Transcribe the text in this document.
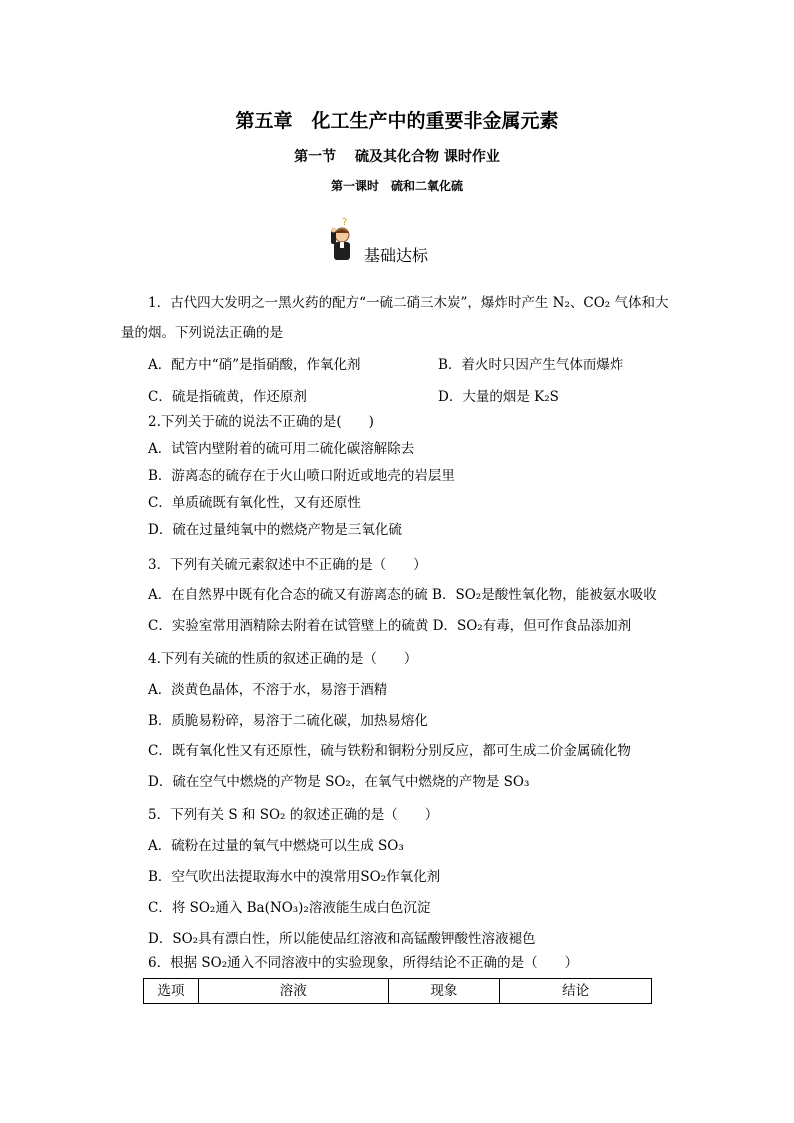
第五章　化工生产中的重要非金属元素
第一节　 硫及其化合物 课时作业
第一课时　硫和二氧化硫
?
基础达标
1．古代四大发明之一黑火药的配方“一硫二硝三木炭”，爆炸时产生 N₂、CO₂ 气体和大
量的烟。下列说法正确的是
A．配方中“硝”是指硝酸，作氧化剂	B．着火时只因产生气体而爆炸
C．硫是指硫黄，作还原剂	D．大量的烟是 K₂S
2.下列关于硫的说法不正确的是(　　)
A．试管内壁附着的硫可用二硫化碳溶解除去
B．游离态的硫存在于火山喷口附近或地壳的岩层里
C．单质硫既有氧化性，又有还原性
D．硫在过量纯氧中的燃烧产物是三氧化硫
3．下列有关硫元素叙述中不正确的是（　　）
A．在自然界中既有化合态的硫又有游离态的硫 B．SO₂是酸性氧化物，能被氨水吸收
C．实验室常用酒精除去附着在试管壁上的硫黄 D．SO₂有毒，但可作食品添加剂
4.下列有关硫的性质的叙述正确的是（　　）
A．淡黄色晶体，不溶于水，易溶于酒精
B．质脆易粉碎，易溶于二硫化碳，加热易熔化
C．既有氧化性又有还原性，硫与铁粉和铜粉分别反应，都可生成二价金属硫化物
D．硫在空气中燃烧的产物是 SO₂，在氧气中燃烧的产物是 SO₃
5．下列有关 S 和 SO₂ 的叙述正确的是（　　）
A．硫粉在过量的氧气中燃烧可以生成 SO₃
B．空气吹出法提取海水中的溴常用SO₂作氧化剂
C．将 SO₂通入 Ba(NO₃)₂溶液能生成白色沉淀
D．SO₂具有漂白性，所以能使品红溶液和高锰酸钾酸性溶液褪色
6．根据 SO₂通入不同溶液中的实验现象，所得结论不正确的是（　　）
选项	溶液	现象	结论
